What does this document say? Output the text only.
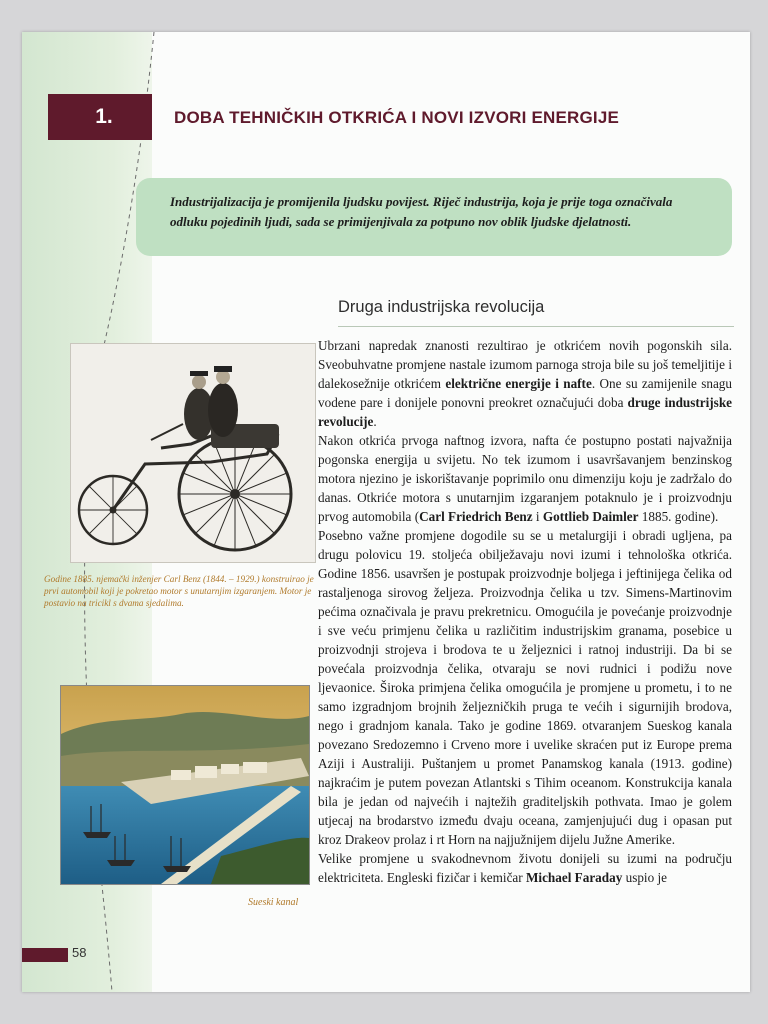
1.	DOBA TEHNIČKIH OTKRIĆA I NOVI IZVORI ENERGIJE
Industrijalizacija je promijenila ljudsku povijest. Riječ industrija, koja je prije toga označivala odluku pojedinih ljudi, sada se primijenjivala za potpuno nov oblik ljudske djelatnosti.
Druga industrijska revolucija

Ubrzani napredak znanosti rezultirao je otkrićem novih pogonskih sila. Sveobuhvatne promjene nastale izumom parnoga stroja bile su još temeljitije i dalekosežnije otkrićem električne energije i nafte. One su zamijenile snagu vodene pare i donijele ponovni preokret označujući doba druge industrijske revolucije.

Nakon otkrića prvoga naftnog izvora, nafta će postupno postati najvažnija pogonska energija u svijetu. No tek izumom i usavršavanjem benzinskog motora njezino je iskorištavanje poprimilo onu dimenziju koju je zadržalo do danas. Otkriće motora s unutarnjim izgaranjem potaknulo je i proizvodnju prvog automobila (Carl Friedrich Benz i Gottlieb Daimler 1885. godine).

Posebno važne promjene dogodile su se u metalurgiji i obradi ugljena, pa drugu polovicu 19. stoljeća obilježavaju novi izumi i tehnološka otkrića. Godine 1856. usavršen je postupak proizvodnje boljega i jeftinijega čelika od rastaljenoga sirovog željeza. Proizvodnja čelika u tzv. Simens-Martinovim pećima označivala je pravu prekretnicu. Omogućila je povećanje proizvodnje i sve veću primjenu čelika u različitim industrijskim granama, posebice u proizvodnji strojeva i brodova te u željeznici i ratnoj industriji. Da bi se povećala proizvodnja čelika, otvaraju se novi rudnici i podižu nove ljevaonice. Široka primjena čelika omogućila je promjene u prometu, i to ne samo izgradnjom brojnih željezničkih pruga te većih i sigurnijih brodova, nego i gradnjom kanala. Tako je godine 1869. otvaranjem Sueskog kanala povezano Sredozemno i Crveno more i uvelike skraćen put iz Europe prema Aziji i Australiji. Puštanjem u promet Panamskog kanala (1913. godine) najkraćim je putem povezan Atlantski s Tihim oceanom. Konstrukcija kanala bila je jedan od najvećih i najtežih graditeljskih pothvata. Imao je golem utjecaj na brodarstvo između dvaju oceana, zamjenjujući dug i opasan put kroz Drakeov prolaz i rt Horn na najjužnijem dijelu Južne Amerike.

Velike promjene u svakodnevnom životu donijeli su izumi na području elektriciteta. Engleski fizičar i kemičar Michael Faraday uspio je

Godine 1885. njemački inženjer Carl Benz (1844. – 1929.) konstruirao je prvi automobil koji je pokretao motor s unutarnjim izgaranjem. Motor je postavio na tricikl s dvama sjedalima.
Sueski kanal
58
